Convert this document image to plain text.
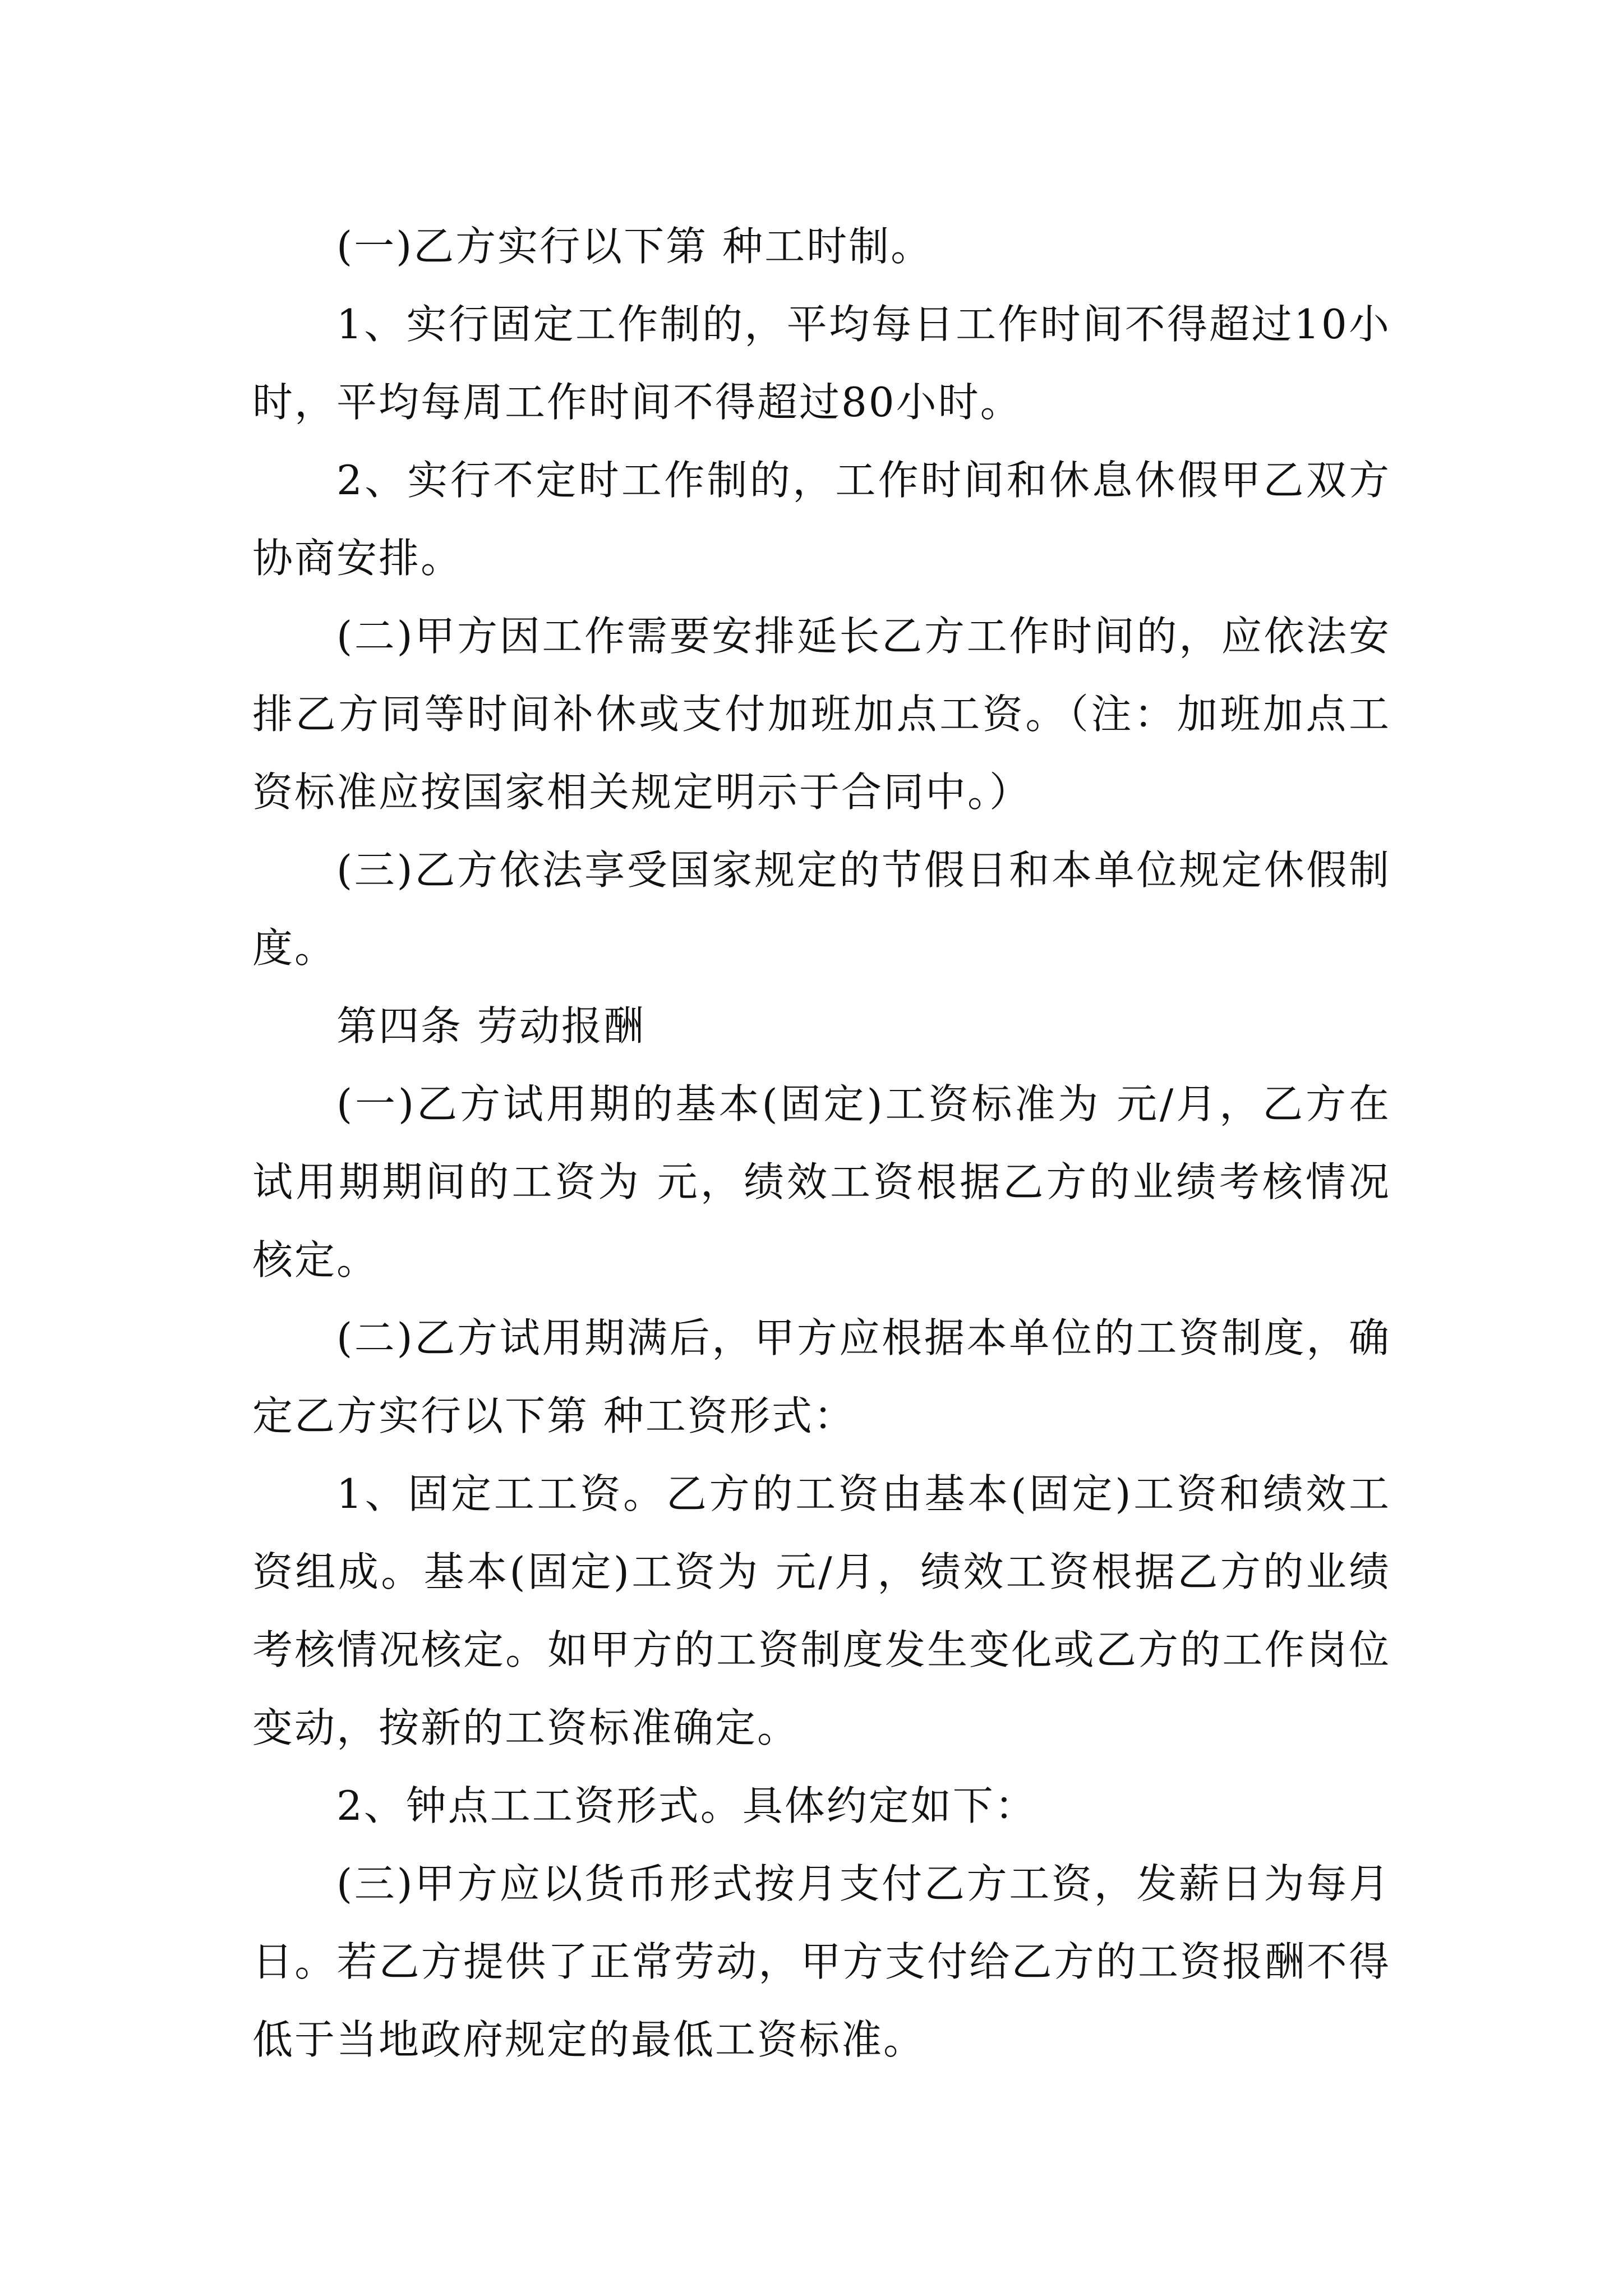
(一)乙方实行以下第 种工时制。

1、实行固定工作制的，平均每日工作时间不得超过10小时，平均每周工作时间不得超过80小时。

2、实行不定时工作制的，工作时间和休息休假甲乙双方协商安排。

(二)甲方因工作需要安排延长乙方工作时间的，应依法安排乙方同等时间补休或支付加班加点工资。（注：加班加点工资标准应按国家相关规定明示于合同中。）

(三)乙方依法享受国家规定的节假日和本单位规定休假制度。

第四条 劳动报酬

(一)乙方试用期的基本(固定)工资标准为 元/月，乙方在试用期期间的工资为 元，绩效工资根据乙方的业绩考核情况核定。

(二)乙方试用期满后，甲方应根据本单位的工资制度，确定乙方实行以下第 种工资形式：

1、固定工工资。乙方的工资由基本(固定)工资和绩效工资组成。基本(固定)工资为 元/月，绩效工资根据乙方的业绩考核情况核定。如甲方的工资制度发生变化或乙方的工作岗位变动，按新的工资标准确定。

2、钟点工工资形式。具体约定如下：

(三)甲方应以货币形式按月支付乙方工资，发薪日为每月 日。若乙方提供了正常劳动，甲方支付给乙方的工资报酬不得低于当地政府规定的最低工资标准。
